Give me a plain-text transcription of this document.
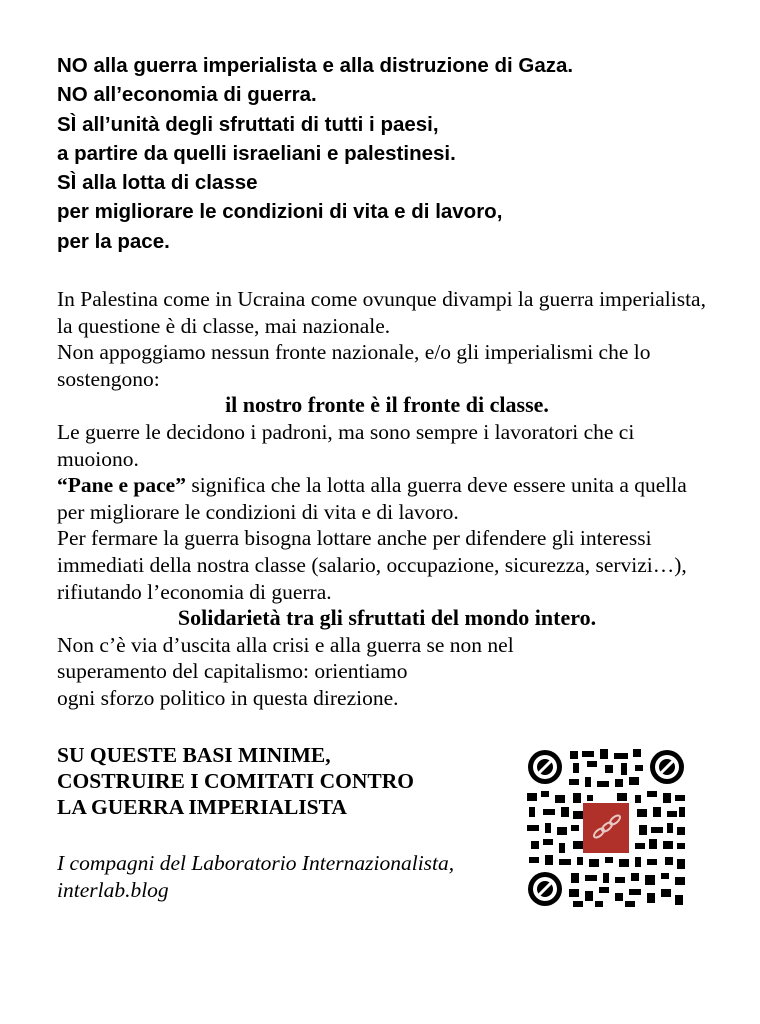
NO alla guerra imperialista e alla distruzione di Gaza.
NO all’economia di guerra.
SÌ all’unità degli sfruttati di tutti i paesi,
a partire da quelli israeliani e palestinesi.
SÌ alla lotta di classe
per migliorare le condizioni di vita e di lavoro,
per la pace.

In Palestina come in Ucraina come ovunque divampi la guerra imperialista, la questione è di classe, mai nazionale.

Non appoggiamo nessun fronte nazionale, e/o gli imperialismi che lo sostengono:

il nostro fronte è il fronte di classe.

Le guerre le decidono i padroni, ma sono sempre i lavoratori che ci muoiono.

“Pane e pace” significa che la lotta alla guerra deve essere unita a quella per migliorare le condizioni di vita e di lavoro.

Per fermare la guerra bisogna lottare anche per difendere gli interessi immediati della nostra classe (salario, occupazione, sicurezza, servizi…), rifiutando l’economia di guerra.

Solidarietà tra gli sfruttati del mondo intero.

Non c’è via d’uscita alla crisi e alla guerra se non nel
superamento del capitalismo: orientiamo
ogni sforzo politico in questa direzione.

SU QUESTE BASI MINIME,
COSTRUIRE I COMITATI CONTRO
LA GUERRA IMPERIALISTA
I compagni del Laboratorio Internazionalista,
interlab.blog
